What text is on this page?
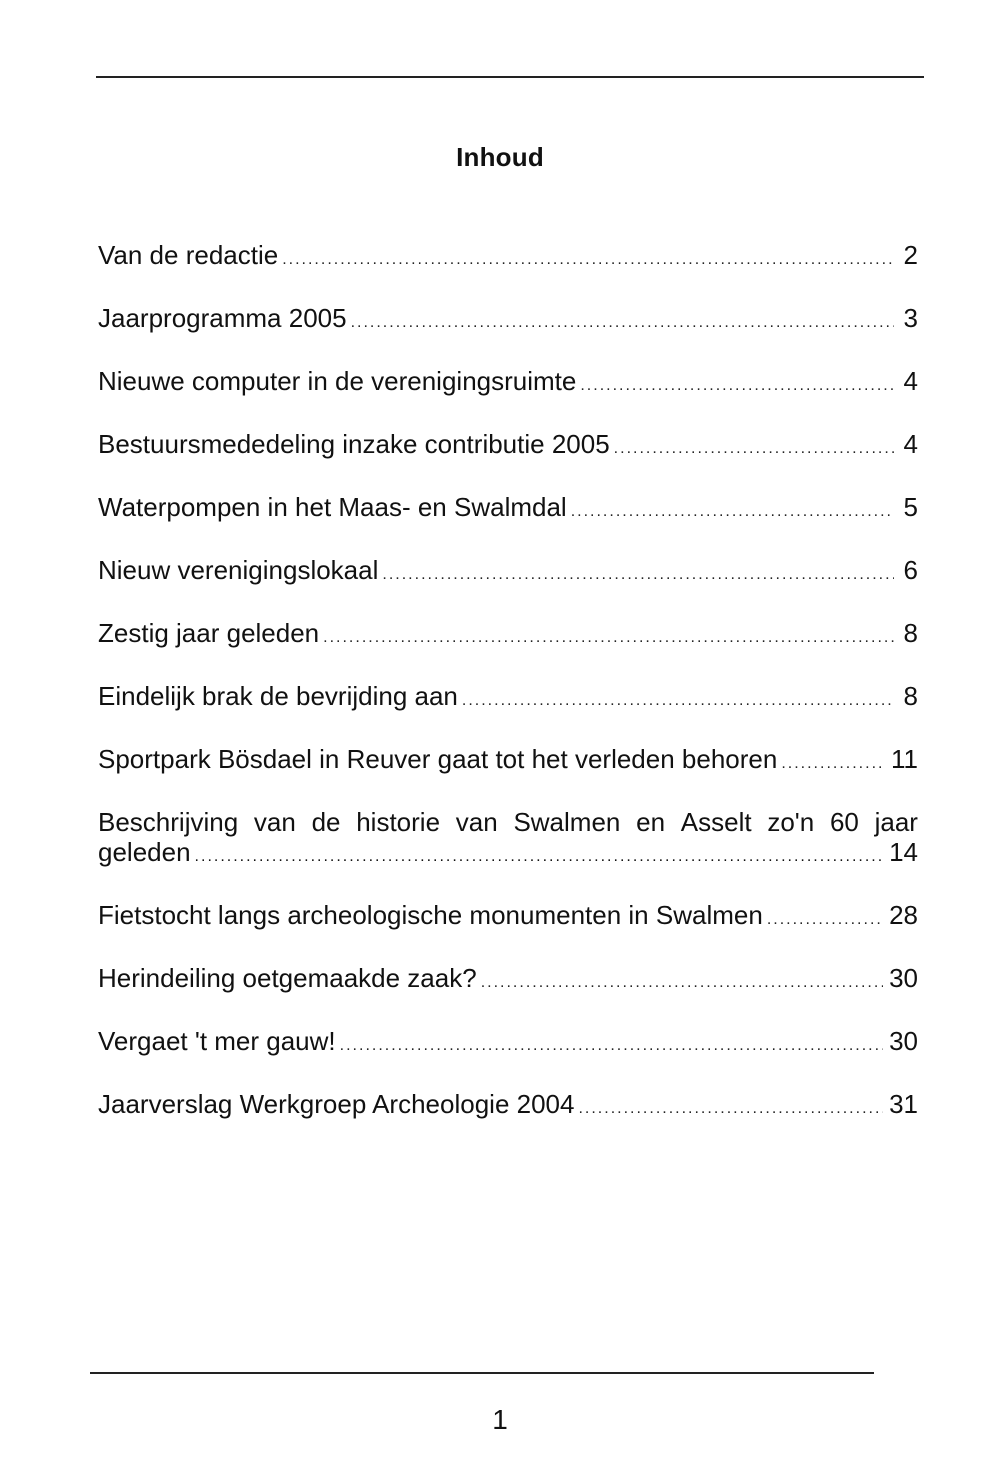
Inhoud
Van de redactie .....	2
Jaarprogramma 2005 .....	3
Nieuwe computer in de verenigingsruimte .....	4
Bestuursmededeling inzake contributie 2005 .....	4
Waterpompen in het Maas- en Swalmdal .....	5
Nieuw verenigingslokaal .....	6
Zestig jaar geleden .....	8
Eindelijk brak de bevrijding aan .....	8
Sportpark Bösdael in Reuver gaat tot het verleden behoren .....	11
Beschrijving van de historie van Swalmen en Asselt zo'n 60 jaar
geleden .....	14
Fietstocht langs archeologische monumenten in Swalmen .....	28
Herindeiling oetgemaakde zaak? .....	30
Vergaet 't mer gauw! .....	30
Jaarverslag Werkgroep Archeologie 2004 .....	31
1
